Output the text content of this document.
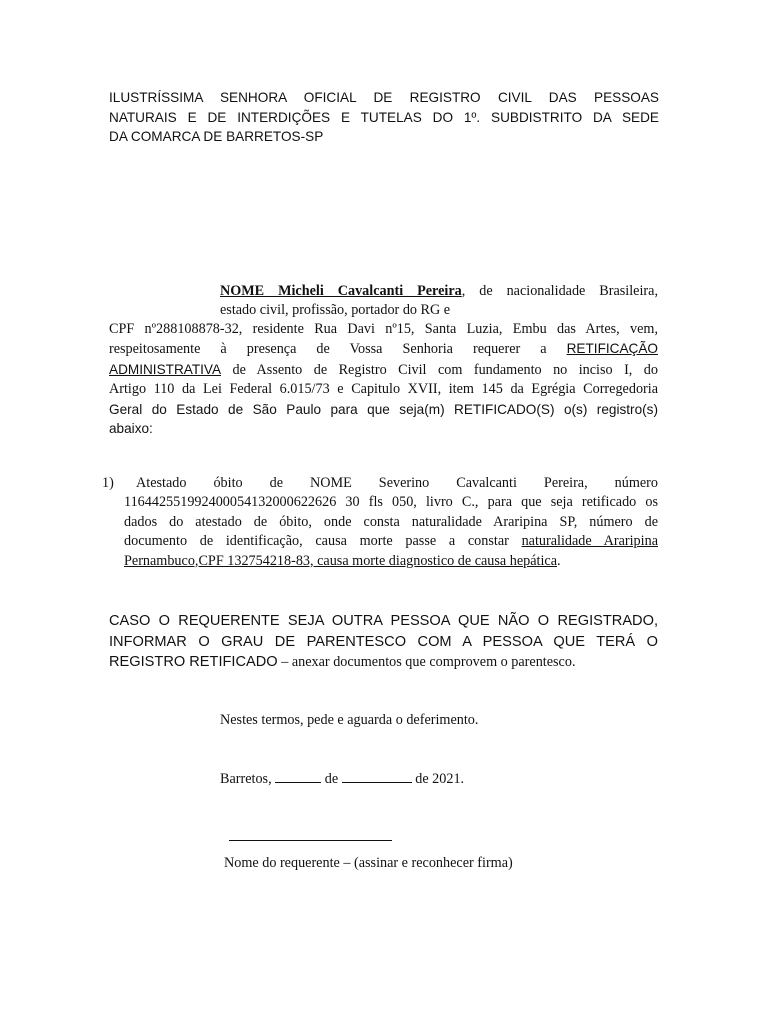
ILUSTRÍSSIMA SENHORA OFICIAL DE REGISTRO CIVIL DAS PESSOAS
NATURAIS E DE INTERDIÇÕES E TUTELAS DO 1º. SUBDISTRITO DA SEDE
DA COMARCA DE BARRETOS-SP
NOME Micheli Cavalcanti Pereira, de nacionalidade Brasileira,
estado civil, profissão, portador do RG e
CPF nº288108878-32, residente Rua Davi nº15, Santa Luzia, Embu das Artes, vem,
respeitosamente à presença de Vossa Senhoria requerer a RETIFICAÇÃO
ADMINISTRATIVA de Assento de Registro Civil com fundamento no inciso I, do
Artigo 110 da Lei Federal 6.015/73 e Capitulo XVII, item 145 da Egrégia Corregedoria
Geral do Estado de São Paulo para que seja(m) RETIFICADO(S) o(s) registro(s)
abaixo:
1)	Atestado óbito de NOME Severino Cavalcanti Pereira, número
116442551992400054132000622626 30 fls 050, livro C., para que seja retificado os
dados do atestado de óbito, onde consta naturalidade Araripina SP, número de
documento de identificação, causa morte passe a constar naturalidade Araripina
Pernambuco,CPF 132754218-83, causa morte diagnostico de causa hepática.
CASO O REQUERENTE SEJA OUTRA PESSOA QUE NÃO O REGISTRADO,
INFORMAR O GRAU DE PARENTESCO COM A PESSOA QUE TERÁ O
REGISTRO RETIFICADO – anexar documentos que comprovem o parentesco.
Nestes termos, pede e aguarda o deferimento.
Barretos,	de	de 2021.
Nome do requerente – (assinar e reconhecer firma)
